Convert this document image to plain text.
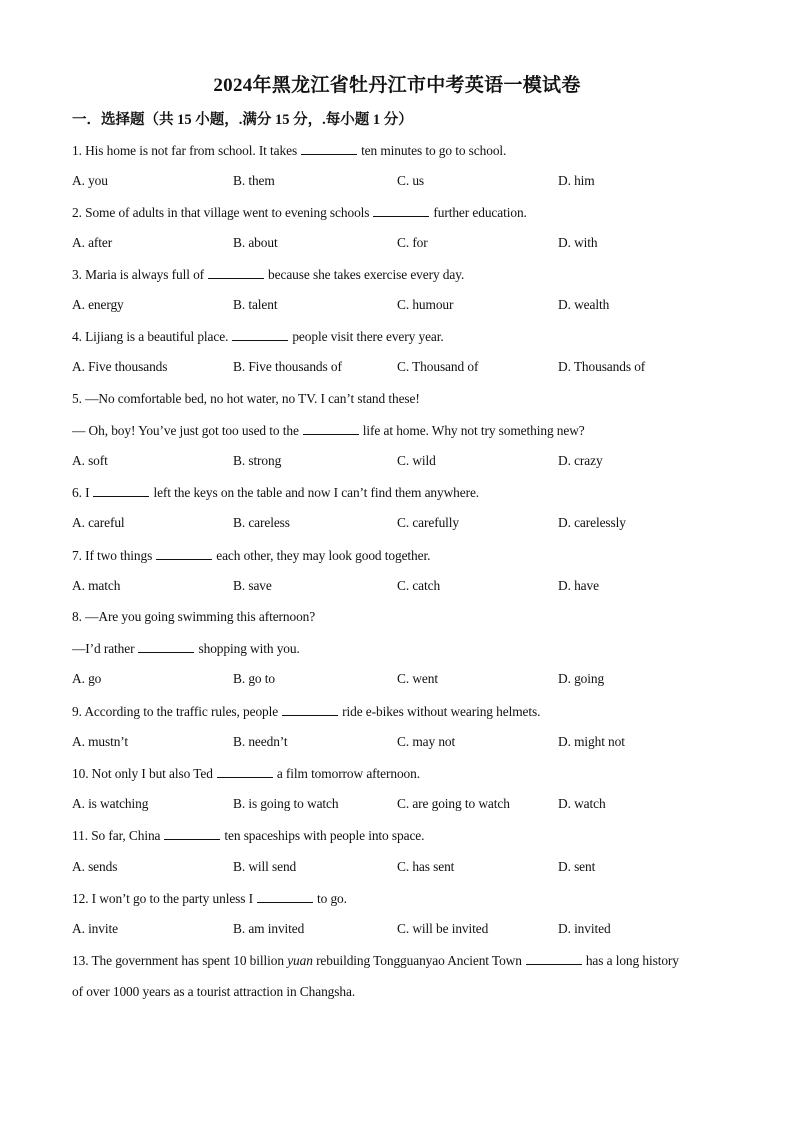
2024年黑龙江省牡丹江市中考英语一模试卷
一．选择题（共 15 小题，.满分 15 分，.每小题 1 分）
1. His home is not far from school. It takes	ten minutes to go to school.
A. you	B. them	C. us	D. him
2. Some of adults in that village went to evening schools	further education.
A. after	B. about	C. for	D. with
3. Maria is always full of	because she takes exercise every day.
A. energy	B. talent	C. humour	D. wealth
4. Lijiang is a beautiful place.	people visit there every year.
A. Five thousands	B. Five thousands of	C. Thousand of	D. Thousands of
5. —No comfortable bed, no hot water, no TV. I can’t stand these!
— Oh, boy! You’ve just got too used to the	life at home. Why not try something new?
A. soft	B. strong	C. wild	D. crazy
6. I	left the keys on the table and now I can’t find them anywhere.
A. careful	B. careless	C. carefully	D. carelessly
7. If two things	each other, they may look good together.
A. match	B. save	C. catch	D. have
8. —Are you going swimming this afternoon?
—I’d rather	shopping with you.
A. go	B. go to	C. went	D. going
9. According to the traffic rules, people	ride e-bikes without wearing helmets.
A. mustn’t	B. needn’t	C. may not	D. might not
10. Not only I but also Ted	a film tomorrow afternoon.
A. is watching	B. is going to watch	C. are going to watch	D. watch
11. So far, China	ten spaceships with people into space.
A. sends	B. will send	C. has sent	D. sent
12. I won’t go to the party unless I	to go.
A. invite	B. am invited	C. will be invited	D. invited
13. The government has spent 10 billion yuan rebuilding Tongguanyao Ancient Town	has a long history
of over 1000 years as a tourist attraction in Changsha.
